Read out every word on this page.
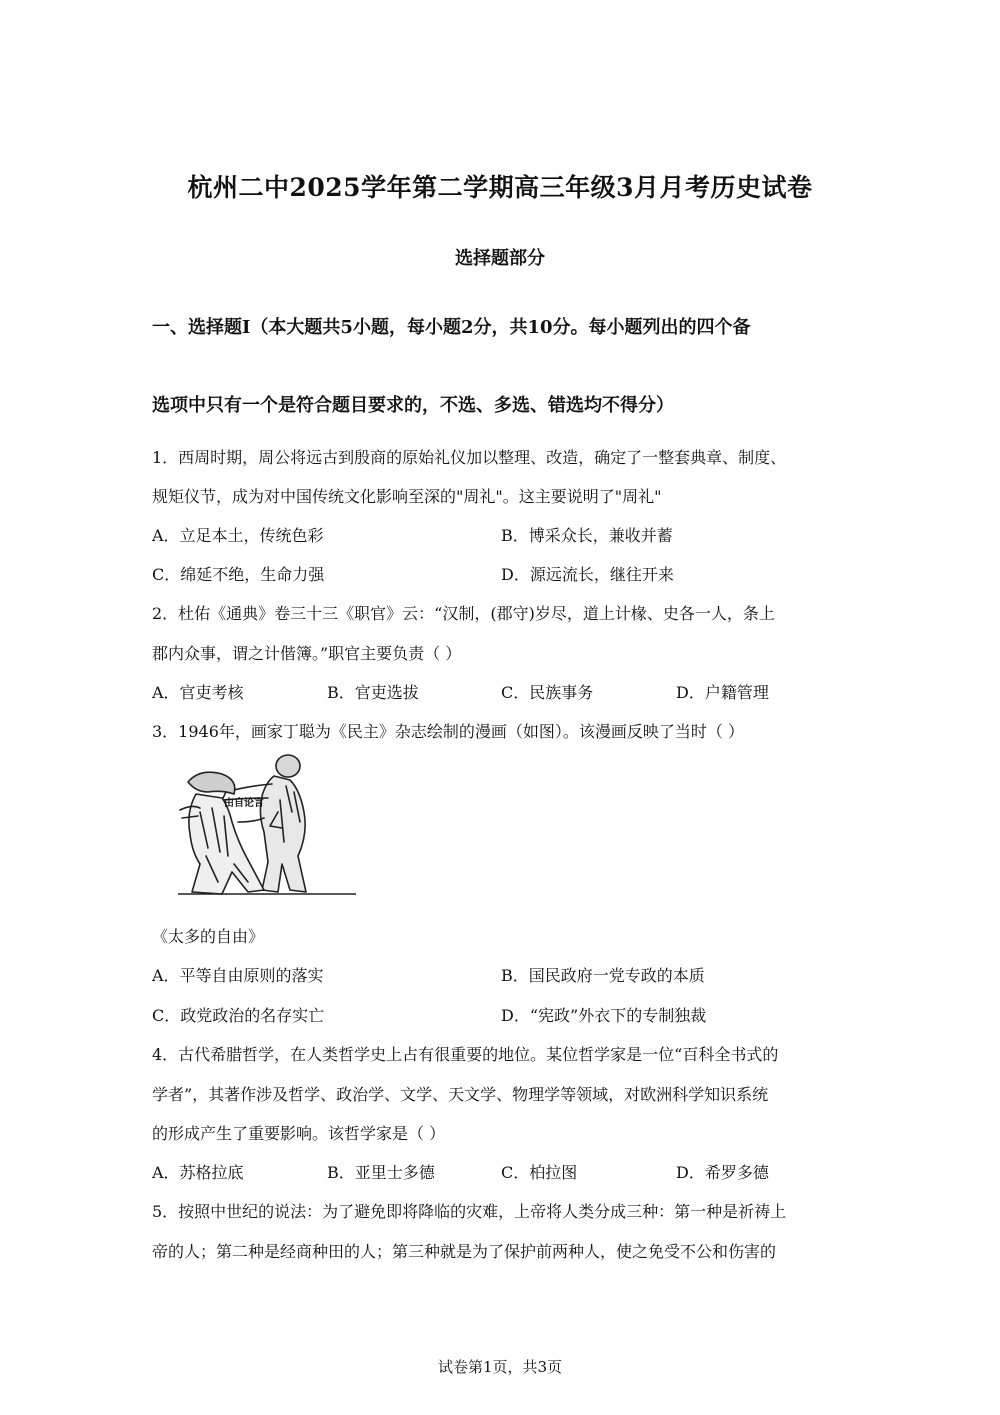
杭州二中2025学年第二学期高三年级3月月考历史试卷
选择题部分
一、选择题Ⅰ（本大题共5小题，每小题2分，共10分。每小题列出的四个备
选项中只有一个是符合题目要求的，不选、多选、错选均不得分）
1．西周时期，周公将远古到殷商的原始礼仪加以整理、改造，确定了一整套典章、制度、
规矩仪节，成为对中国传统文化影响至深的"周礼"。这主要说明了"周礼"
A．立足本土，传统色彩	B．博采众长，兼收并蓄
C．绵延不绝，生命力强	D．源远流长，继往开来
2．杜佑《通典》卷三十三《职官》云：“汉制，(郡守)岁尽，道上计椽、史各一人，条上
郡内众事，谓之计偕簿。”职官主要负责（ ）
A．官吏考核	B．官吏选拔	C．民族事务	D．户籍管理
3．1946年，画家丁聪为《民主》杂志绘制的漫画（如图）。该漫画反映了当时（ ）
由自论言
《太多的自由》
A．平等自由原则的落实	B．国民政府一党专政的本质
C．政党政治的名存实亡	D．“宪政”外衣下的专制独裁
4．古代希腊哲学，在人类哲学史上占有很重要的地位。某位哲学家是一位“百科全书式的
学者”，其著作涉及哲学、政治学、文学、天文学、物理学等领域，对欧洲科学知识系统
的形成产生了重要影响。该哲学家是（ ）
A．苏格拉底	B．亚里士多德	C．柏拉图	D．希罗多德
5．按照中世纪的说法：为了避免即将降临的灾难，上帝将人类分成三种：第一种是祈祷上
帝的人；第二种是经商种田的人；第三种就是为了保护前两种人，使之免受不公和伤害的
试卷第1页，共3页
